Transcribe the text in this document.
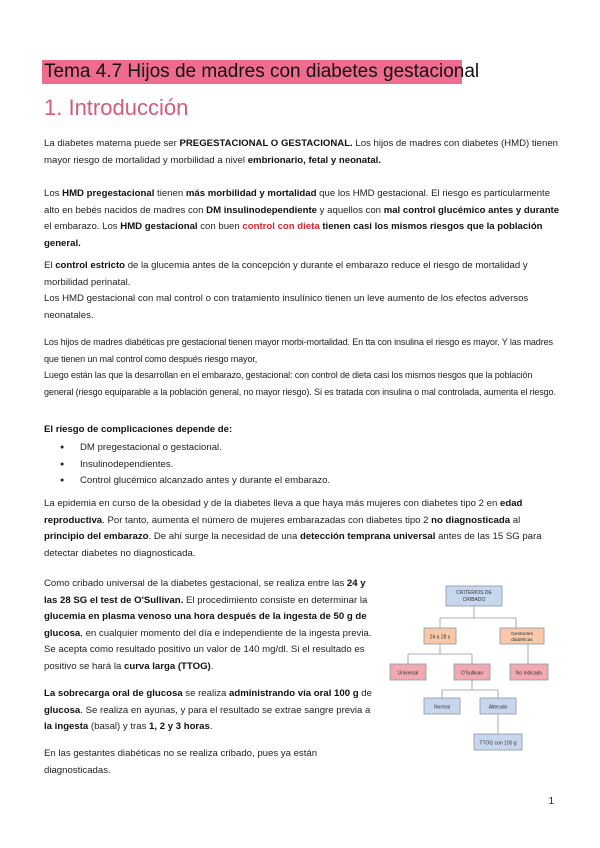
Tema 4.7 Hijos de madres con diabetes gestacional
1. Introducción
La diabetes materna puede ser PREGESTACIONAL O GESTACIONAL. Los hijos de madres con diabetes (HMD) tienen mayor riesgo de mortalidad y morbilidad a nivel embrionario, fetal y neonatal.
Los HMD pregestacional tienen más morbilidad y mortalidad que los HMD gestacional. El riesgo es particularmente alto en bebés nacidos de madres con DM insulinodependiente y aquellos con mal control glucémico antes y durante el embarazo. Los HMD gestacional con buen control con dieta tienen casi los mismos riesgos que la población general.
El control estricto de la glucemia antes de la concepción y durante el embarazo reduce el riesgo de mortalidad y morbilidad perinatal.
Los HMD gestacional con mal control o con tratamiento insulínico tienen un leve aumento de los efectos adversos neonatales.
Los hijos de madres diabéticas pre gestacional tienen mayor morbi-mortalidad. En tta con insulina el riesgo es mayor. Y las madres que tienen un mal control como después riesgo mayor,
Luego están las que la desarrollan en el embarazo, gestacional: con control de dieta casi los mismos riesgos que la población general (riesgo equiparable a la población general, no mayor riesgo). Si es tratada con insulina o mal controlada, aumenta el riesgo.
El riesgo de complicaciones depende de:
● DM pregestacional o gestacional.
● Insulinodependientes.
● Control glucémico alcanzado antes y durante el embarazo.
La epidemia en curso de la obesidad y de la diabetes lleva a que haya más mujeres con diabetes tipo 2 en edad reproductiva. Por tanto, aumenta el número de mujeres embarazadas con diabetes tipo 2 no diagnosticada al principio del embarazo. De ahí surge la necesidad de una detección temprana universal antes de las 15 SG para detectar diabetes no diagnosticada.
Como cribado universal de la diabetes gestacional, se realiza entre las 24 y las 28 SG el test de O'Sullivan. El procedimiento consiste en determinar la glucemia en plasma venoso una hora después de la ingesta de 50 g de glucosa, en cualquier momento del día e independiente de la ingesta previa. Se acepta como resultado positivo un valor de 140 mg/dl. Si el resultado es positivo se hará la curva larga (TTOG).
La sobrecarga oral de glucosa se realiza administrando vía oral 100 g de glucosa. Se realiza en ayunas, y para el resultado se extrae sangre previa a la ingesta (basal) y tras 1, 2 y 3 horas.
En las gestantes diabéticas no se realiza cribado, pues ya están diagnosticadas.
CRITERIOS DE
CRIBADO
24 a 28 s	Gestantes
diabéticas
Universal	O'Sullivan	No indicado
Normal	Alterado
TTOG con 100 g
1
